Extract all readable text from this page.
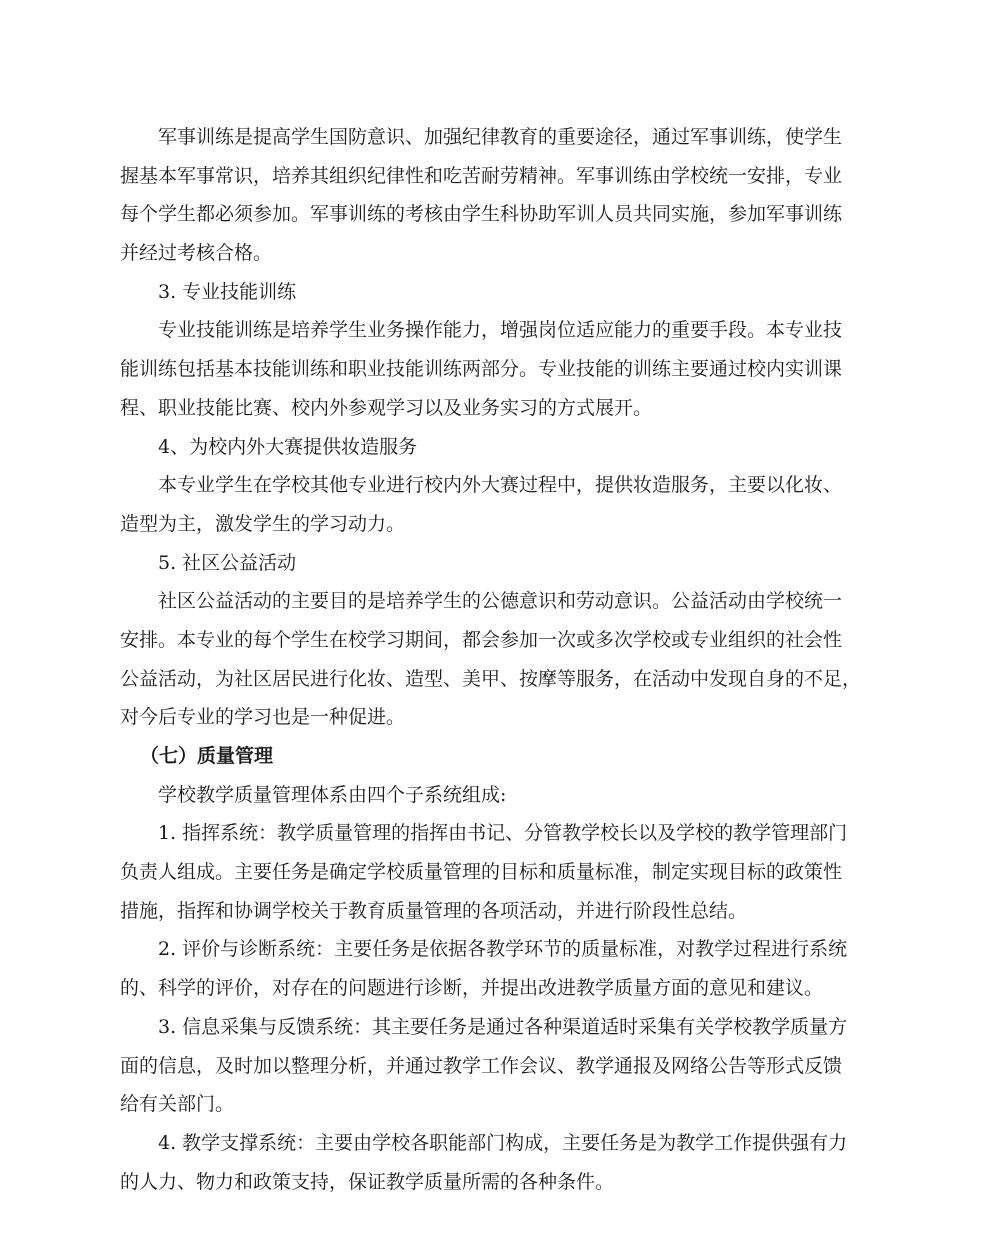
军事训练是提高学生国防意识、加强纪律教育的重要途径，通过军事训练，使学生
握基本军事常识，培养其组织纪律性和吃苦耐劳精神。军事训练由学校统一安排，专业
每个学生都必须参加。军事训练的考核由学生科协助军训人员共同实施，参加军事训练
并经过考核合格。
3. 专业技能训练
专业技能训练是培养学生业务操作能力，增强岗位适应能力的重要手段。本专业技
能训练包括基本技能训练和职业技能训练两部分。专业技能的训练主要通过校内实训课
程、职业技能比赛、校内外参观学习以及业务实习的方式展开。
4、为校内外大赛提供妆造服务
本专业学生在学校其他专业进行校内外大赛过程中，提供妆造服务，主要以化妆、
造型为主，激发学生的学习动力。
5. 社区公益活动
社区公益活动的主要目的是培养学生的公德意识和劳动意识。公益活动由学校统一
安排。本专业的每个学生在校学习期间，都会参加一次或多次学校或专业组织的社会性
公益活动，为社区居民进行化妆、造型、美甲、按摩等服务，在活动中发现自身的不足，
对今后专业的学习也是一种促进。
（七）质量管理
学校教学质量管理体系由四个子系统组成:
1. 指挥系统：教学质量管理的指挥由书记、分管教学校长以及学校的教学管理部门
负责人组成。主要任务是确定学校质量管理的目标和质量标准，制定实现目标的政策性
措施，指挥和协调学校关于教育质量管理的各项活动，并进行阶段性总结。
2. 评价与诊断系统：主要任务是依据各教学环节的质量标准，对教学过程进行系统
的、科学的评价，对存在的问题进行诊断，并提出改进教学质量方面的意见和建议。
3. 信息采集与反馈系统：其主要任务是通过各种渠道适时采集有关学校教学质量方
面的信息，及时加以整理分析，并通过教学工作会议、教学通报及网络公告等形式反馈
给有关部门。
4. 教学支撑系统：主要由学校各职能部门构成，主要任务是为教学工作提供强有力
的人力、物力和政策支持，保证教学质量所需的各种条件。
